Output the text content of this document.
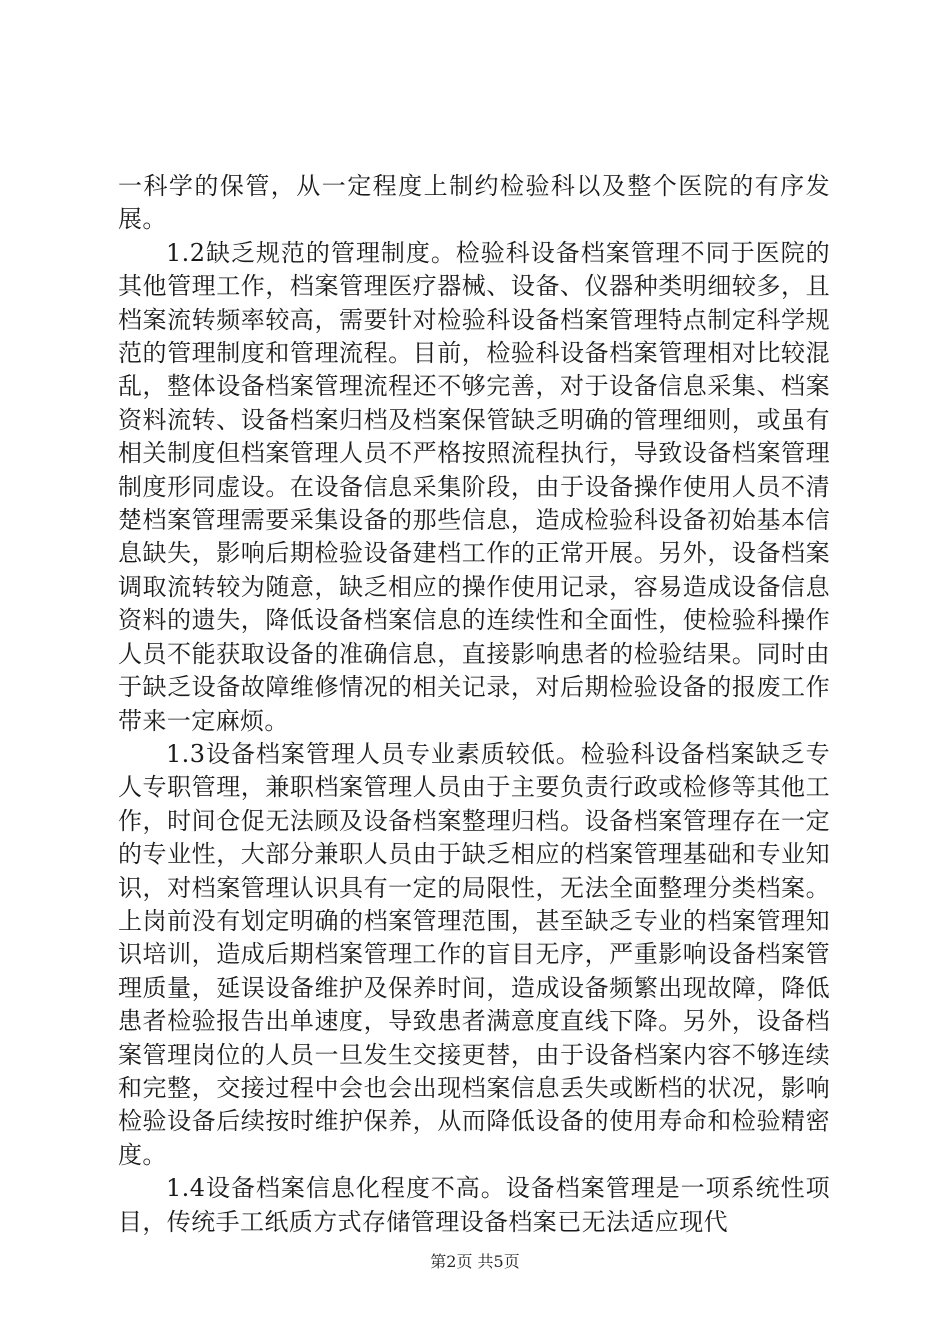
一科学的保管，从一定程度上制约检验科以及整个医院的有序发展。

1.2缺乏规范的管理制度。检验科设备档案管理不同于医院的其他管理工作，档案管理医疗器械、设备、仪器种类明细较多，且档案流转频率较高，需要针对检验科设备档案管理特点制定科学规范的管理制度和管理流程。目前，检验科设备档案管理相对比较混乱，整体设备档案管理流程还不够完善，对于设备信息采集、档案资料流转、设备档案归档及档案保管缺乏明确的管理细则，或虽有相关制度但档案管理人员不严格按照流程执行，导致设备档案管理制度形同虚设。在设备信息采集阶段，由于设备操作使用人员不清楚档案管理需要采集设备的那些信息，造成检验科设备初始基本信息缺失，影响后期检验设备建档工作的正常开展。另外，设备档案调取流转较为随意，缺乏相应的操作使用记录，容易造成设备信息资料的遗失，降低设备档案信息的连续性和全面性，使检验科操作人员不能获取设备的准确信息，直接影响患者的检验结果。同时由于缺乏设备故障维修情况的相关记录，对后期检验设备的报废工作带来一定麻烦。

1.3设备档案管理人员专业素质较低。检验科设备档案缺乏专人专职管理，兼职档案管理人员由于主要负责行政或检修等其他工作，时间仓促无法顾及设备档案整理归档。设备档案管理存在一定的专业性，大部分兼职人员由于缺乏相应的档案管理基础和专业知识，对档案管理认识具有一定的局限性，无法全面整理分类档案。上岗前没有划定明确的档案管理范围，甚至缺乏专业的档案管理知识培训，造成后期档案管理工作的盲目无序，严重影响设备档案管理质量，延误设备维护及保养时间，造成设备频繁出现故障，降低患者检验报告出单速度，导致患者满意度直线下降。另外，设备档案管理岗位的人员一旦发生交接更替，由于设备档案内容不够连续和完整，交接过程中会也会出现档案信息丢失或断档的状况，影响检验设备后续按时维护保养，从而降低设备的使用寿命和检验精密度。

1.4设备档案信息化程度不高。设备档案管理是一项系统性项目，传统手工纸质方式存储管理设备档案已无法适应现代

第2页 共5页
